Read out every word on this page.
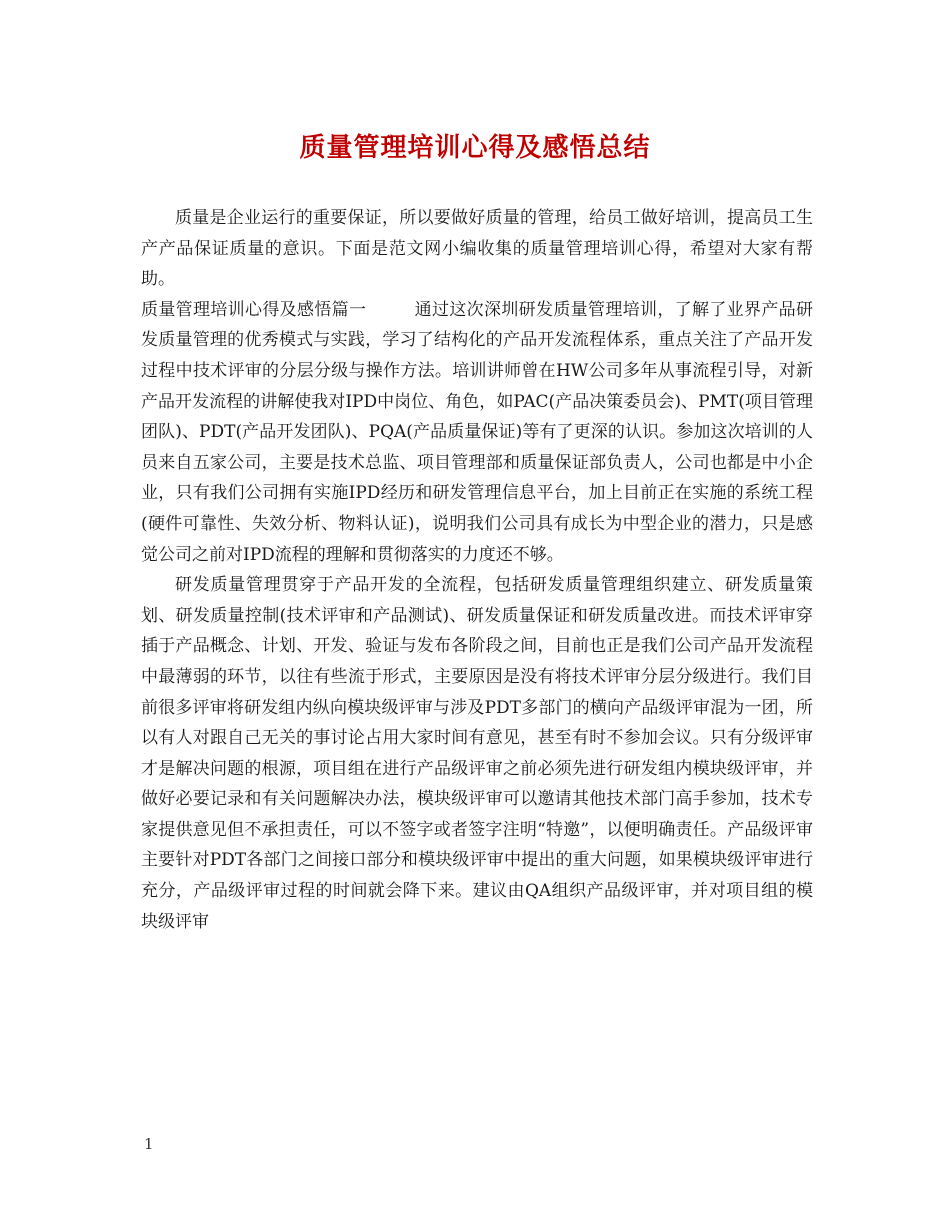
质量管理培训心得及感悟总结

质量是企业运行的重要保证，所以要做好质量的管理，给员工做好培训，提高员工生产产品保证质量的意识。下面是范文网小编收集的质量管理培训心得，希望对大家有帮助。

质量管理培训心得及感悟篇一	通过这次深圳研发质量管理培训，了解了业界产品研发质量管理的优秀模式与实践，学习了结构化的产品开发流程体系，重点关注了产品开发过程中技术评审的分层分级与操作方法。培训讲师曾在HW公司多年从事流程引导，对新产品开发流程的讲解使我对IPD中岗位、角色，如PAC(产品决策委员会)、PMT(项目管理团队)、PDT(产品开发团队)、PQA(产品质量保证)等有了更深的认识。参加这次培训的人员来自五家公司，主要是技术总监、项目管理部和质量保证部负责人，公司也都是中小企业，只有我们公司拥有实施IPD经历和研发管理信息平台，加上目前正在实施的系统工程(硬件可靠性、失效分析、物料认证)，说明我们公司具有成长为中型企业的潜力，只是感觉公司之前对IPD流程的理解和贯彻落实的力度还不够。

研发质量管理贯穿于产品开发的全流程，包括研发质量管理组织建立、研发质量策划、研发质量控制(技术评审和产品测试)、研发质量保证和研发质量改进。而技术评审穿插于产品概念、计划、开发、验证与发布各阶段之间，目前也正是我们公司产品开发流程中最薄弱的环节，以往有些流于形式，主要原因是没有将技术评审分层分级进行。我们目前很多评审将研发组内纵向模块级评审与涉及PDT多部门的横向产品级评审混为一团，所以有人对跟自己无关的事讨论占用大家时间有意见，甚至有时不参加会议。只有分级评审才是解决问题的根源，项目组在进行产品级评审之前必须先进行研发组内模块级评审，并做好必要记录和有关问题解决办法，模块级评审可以邀请其他技术部门高手参加，技术专家提供意见但不承担责任，可以不签字或者签字注明“特邀”，以便明确责任。产品级评审主要针对PDT各部门之间接口部分和模块级评审中提出的重大问题，如果模块级评审进行充分，产品级评审过程的时间就会降下来。建议由QA组织产品级评审，并对项目组的模块级评审

1
